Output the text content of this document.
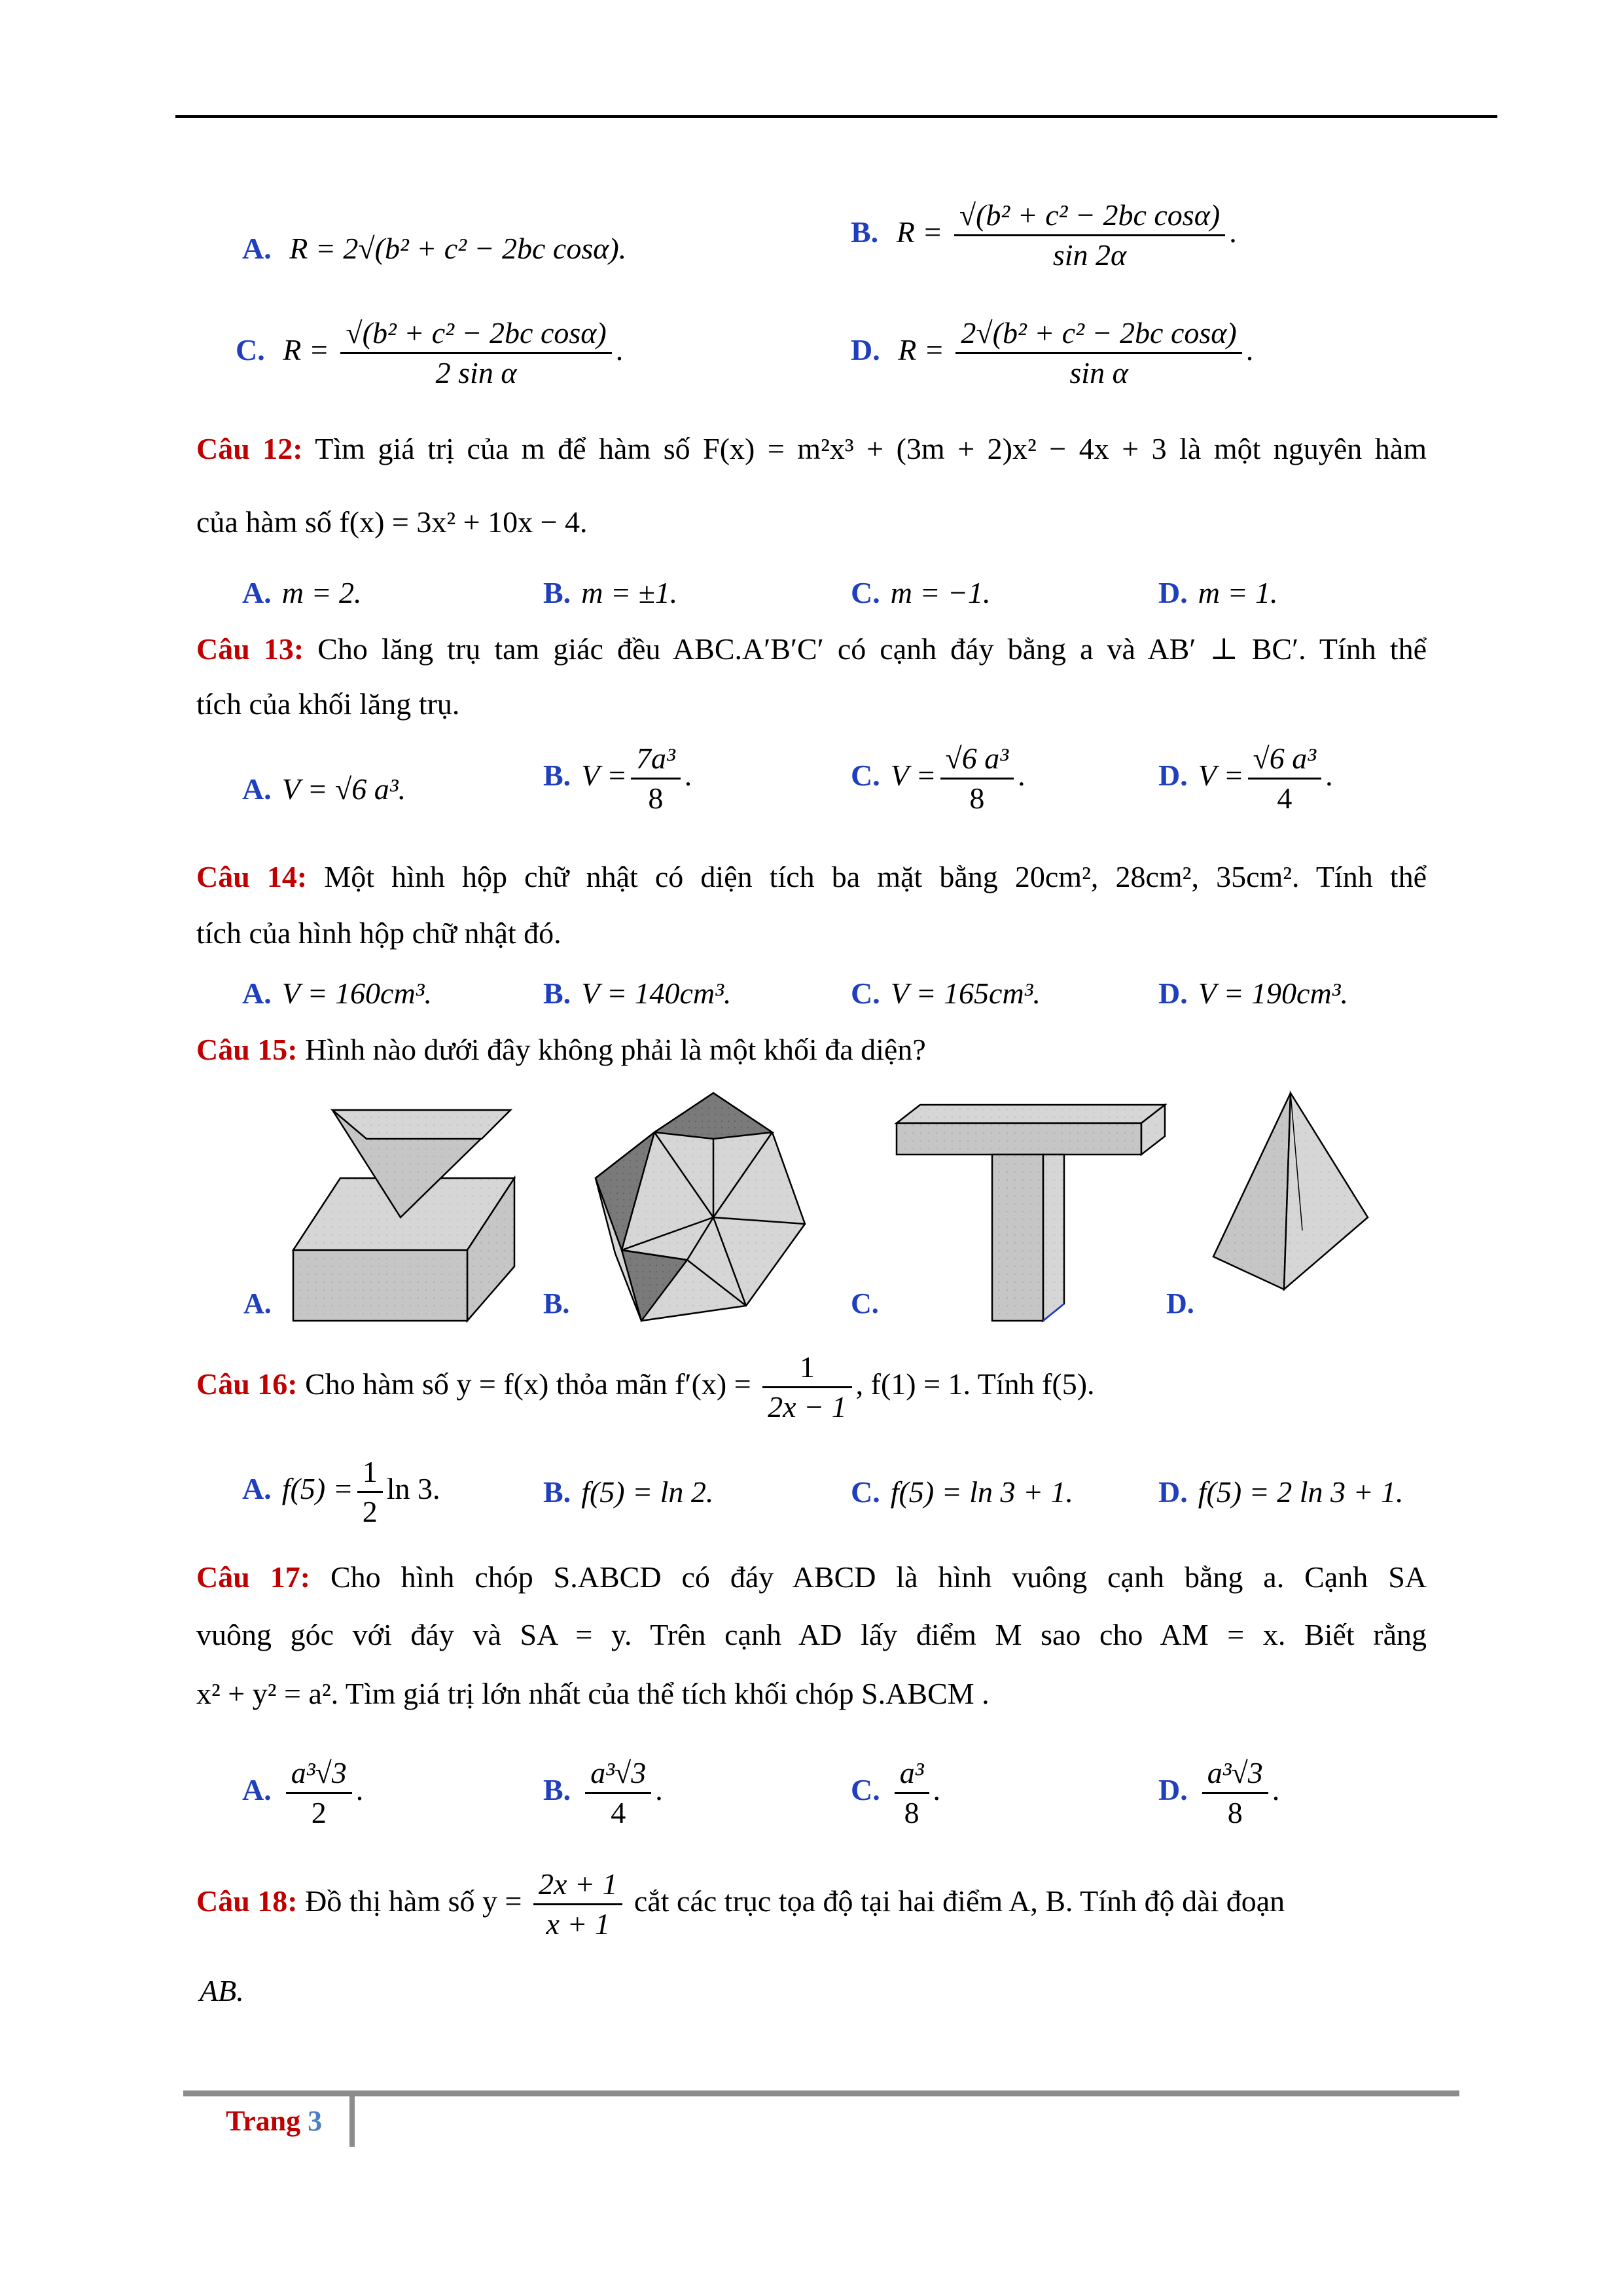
A. R = 2√(b² + c² − 2bc cosα).	B. $R = \frac{\text{√(b² + c² − 2bc cosα)}}{\sin 2\alpha}$ .
C. $R = \frac{\text{√(b² + c² − 2bc cosα)}}{\text{2 sin α}}$ .	D. $R = \frac{\text{2√(b² + c² − 2bc cosα)}}{\text{sin α}}$ .
Câu 12: Tìm giá trị của m để hàm số F(x) = m²x³ + (3m + 2)x² − 4x + 3 là một nguyên hàm
của hàm số f(x) = 3x² + 10x − 4.
A. m = 2.	B. m = ±1.	C. m = −1.	D. m = 1.
Câu 13: Cho lăng trụ tam giác đều ABC.A′B′C′ có cạnh đáy bằng a và AB′ ⊥ BC′. Tính thể
tích của khối lăng trụ.
A. V = √6 a³.	B. $V = \frac{\text{7a³}}{8}$ .	C. $V = \frac{\text{√6 a³}}{8}$ .	D. $V = \frac{\text{√6 a³}}{4}$ .
Câu 14: Một hình hộp chữ nhật có diện tích ba mặt bằng 20cm², 28cm², 35cm². Tính thể
tích của hình hộp chữ nhật đó.
A. V = 160cm³.	B. V = 140cm³.	C. V = 165cm³.	D. V = 190cm³.
Câu 15: Hình nào dưới đây không phải là một khối đa diện?
A.	B.	C.	D.
Câu 16: Cho hàm số y = f(x) thỏa mãn $f'(x) = \frac{1}{2x - 1}$ , f(1) = 1. Tính f(5).
A. $f(5) = \frac{1}{2}$ ln 3.	B. f(5) = ln 2.	C. f(5) = ln 3 + 1.	D. f(5) = 2 ln 3 + 1.
Câu 17: Cho hình chóp S.ABCD có đáy ABCD là hình vuông cạnh bằng a. Cạnh SA
vuông góc với đáy và SA = y. Trên cạnh AD lấy điểm M sao cho AM = x. Biết rằng
x² + y² = a². Tìm giá trị lớn nhất của thể tích khối chóp S.ABCM .
A. $\frac{\text{a³√3}}{2}$ .	B. $\frac{\text{a³√3}}{4}$ .	C. $\frac{\text{a³}}{8}$ .	D. $\frac{\text{a³√3}}{8}$ .
Câu 18: Đồ thị hàm số $y = \frac{2x + 1}{x + 1}$ cắt các trục tọa độ tại hai điểm A, B. Tính độ dài đoạn
AB.
Trang 3
